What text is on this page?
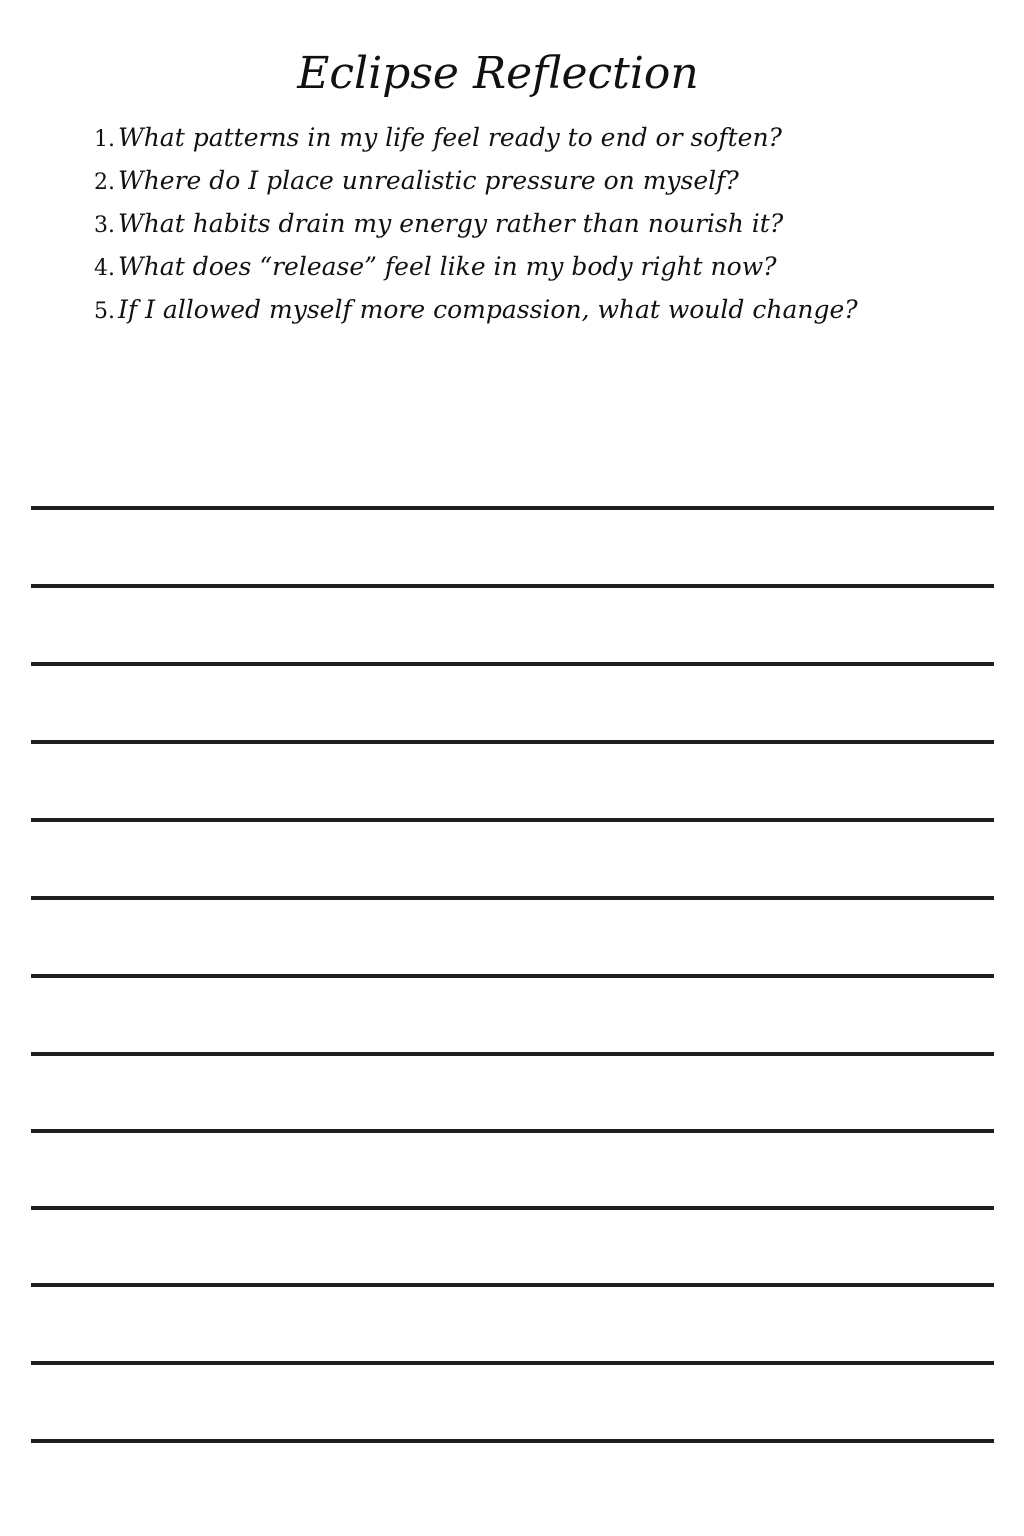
Eclipse Reflection
1. What patterns in my life feel ready to end or soften?
2. Where do I place unrealistic pressure on myself?
3. What habits drain my energy rather than nourish it?
4. What does “release” feel like in my body right now?
5. If I allowed myself more compassion, what would change?
